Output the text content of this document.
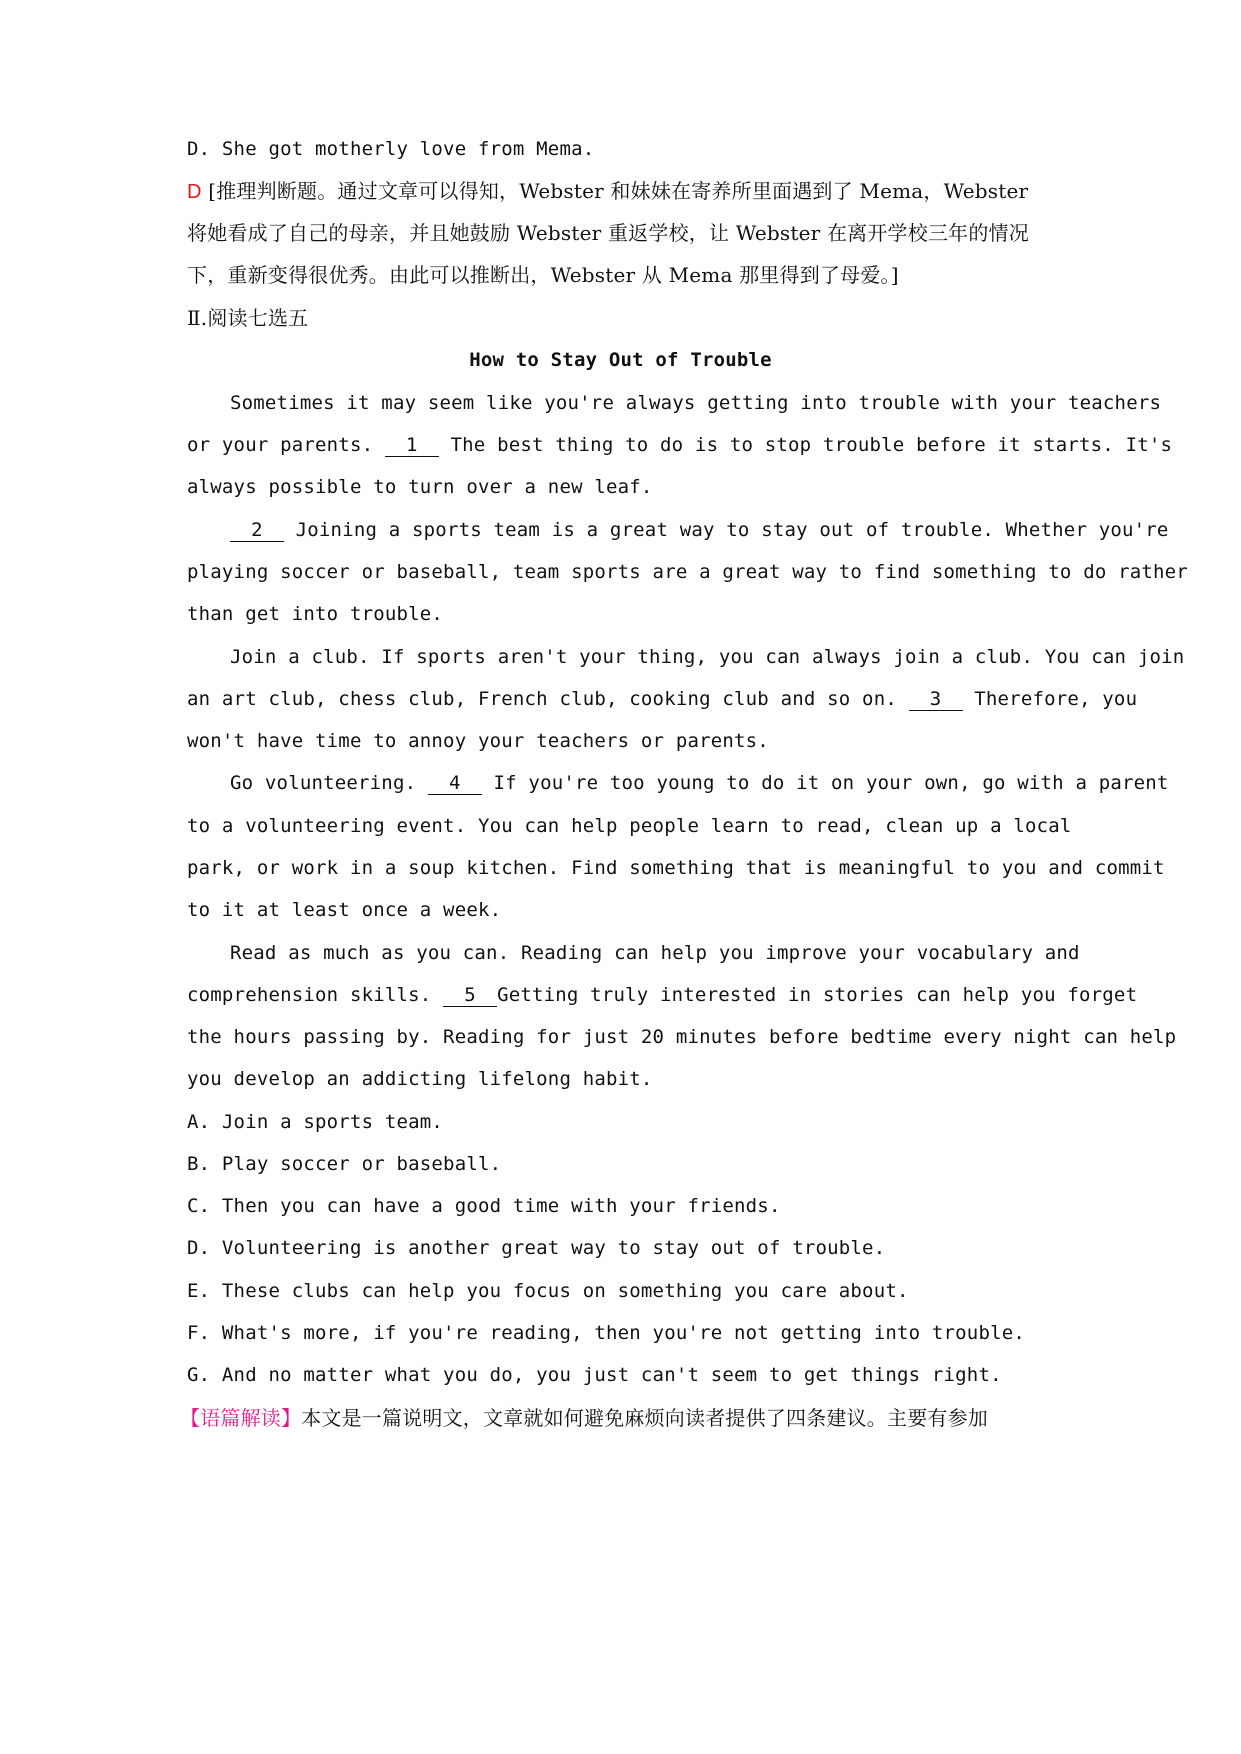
D. She got motherly love from Mema.
D [推理判断题。通过文章可以得知，Webster 和妹妹在寄养所里面遇到了 Mema，Webster
将她看成了自己的母亲，并且她鼓励 Webster 重返学校，让 Webster 在离开学校三年的情况
下，重新变得很优秀。由此可以推断出，Webster 从 Mema 那里得到了母爱。]
Ⅱ.阅读七选五
How to Stay Out of Trouble
Sometimes it may seem like you're always getting into trouble with your teachers
or your parents. 1 The best thing to do is to stop trouble before it starts. It's
always possible to turn over a new leaf.
2 Joining a sports team is a great way to stay out of trouble. Whether you're
playing soccer or baseball, team sports are a great way to find something to do rather
than get into trouble.
Join a club. If sports aren't your thing, you can always join a club. You can join
an art club, chess club, French club, cooking club and so on. 3 Therefore, you
won't have time to annoy your teachers or parents.
Go volunteering. 4 If you're too young to do it on your own, go with a parent
to a volunteering event. You can help people learn to read, clean up a local
park, or work in a soup kitchen. Find something that is meaningful to you and commit
to it at least once a week.
Read as much as you can. Reading can help you improve your vocabulary and
comprehension skills. 5 Getting truly interested in stories can help you forget
the hours passing by. Reading for just 20 minutes before bedtime every night can help
you develop an addicting lifelong habit.
A. Join a sports team.
B. Play soccer or baseball.
C. Then you can have a good time with your friends.
D. Volunteering is another great way to stay out of trouble.
E. These clubs can help you focus on something you care about.
F. What's more, if you're reading, then you're not getting into trouble.
G. And no matter what you do, you just can't seem to get things right.
【语篇解读】本文是一篇说明文，文章就如何避免麻烦向读者提供了四条建议。主要有参加
